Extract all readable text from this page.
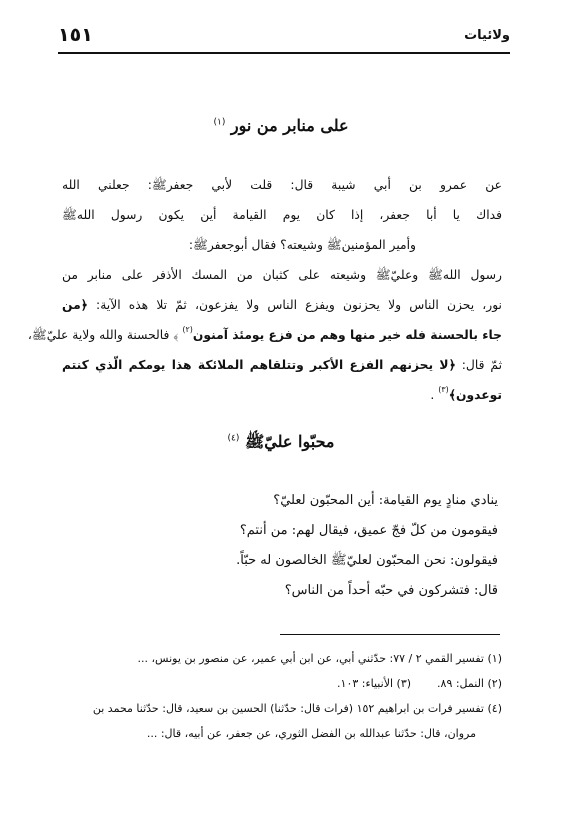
ولائيات
١٥١
على منابر من نور $^{(١)}$
عن عمرو بن أبي شيبة قال: قلت لأبي جعفرﷺ: جعلني الله
فداك يا أبا جعفر، إذا كان يوم القيامة أين يكون رسول اللهﷺ
وأمير المؤمنينﷺ وشيعته؟ فقال أبوجعفرﷺ:
رسول اللهﷺ وعليّﷺ وشيعته على كثبان من المسك الأذفر على منابر من
نور، يحزن الناس ولا يحزنون ويفزع الناس ولا يفزعون، ثمّ تلا هذه الآية: ﴿من
جاء بالحسنة فله خير منها وهم من فزع يومئذ آمنون$^{(٢)}$ ﴾ فالحسنة والله ولاية عليّﷺ،
ثمّ قال: ﴿لا يحزنهم الفزع الأكبر وتتلقاهم الملائكة هذا يومكم الّذي كنتم
توعدون﴾$^{(٣)}$ .
محبّوا عليّﷺ $^{(٤)}$
ينادي منادٍ يوم القيامة: أين المحبّون لعليّ؟
فيقومون من كلّ فجّ عميق، فيقال لهم: من أنتم؟
فيقولون: نحن المحبّون لعليّﷺ الخالصون له حبّاً.
قال: فتشركون في حبّه أحداً من الناس؟
(١) تفسير القمي ٢ / ٧٧: حدّثني أبي، عن ابن أبي عمير، عن منصور بن يونس، ...
(٢) النمل: ٨٩.
(٣) الأنبياء: ١٠٣.
(٤) تفسير فرات بن ابراهيم ١٥٢ (فرات قال: حدّثنا) الحسين بن سعيد، قال: حدّثنا محمد بن
مروان، قال: حدّثنا عبدالله بن الفضل الثوري، عن جعفر، عن أبيه، قال: ...
